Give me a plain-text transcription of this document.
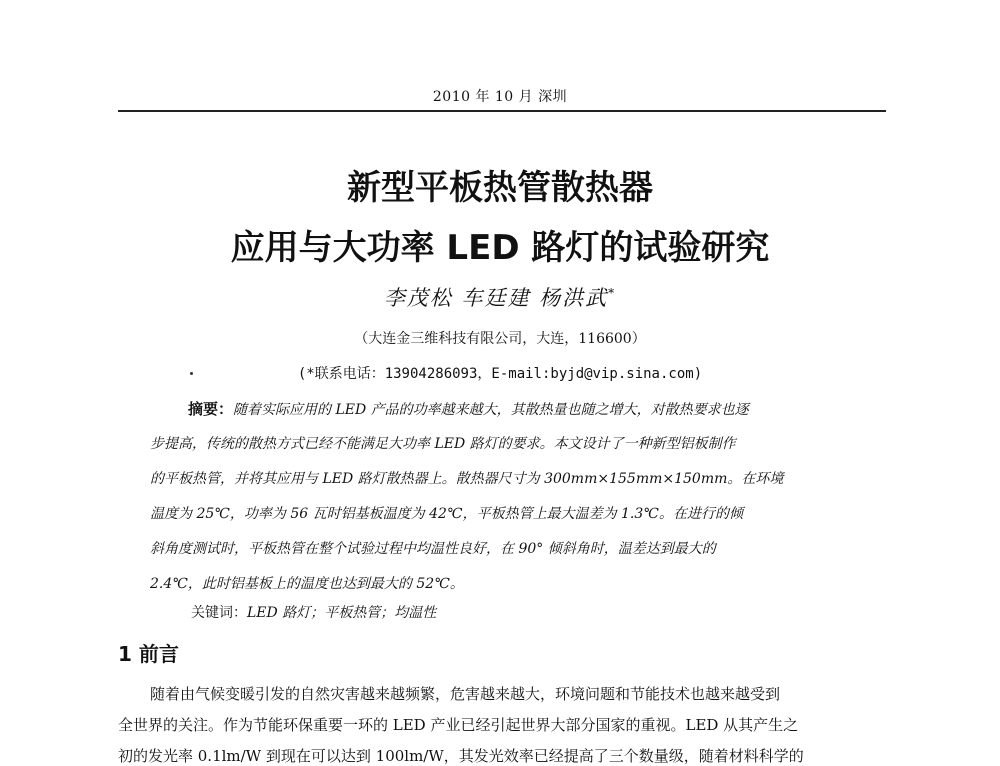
2010 年 10 月 深圳
新型平板热管散热器
应用与大功率 LED 路灯的试验研究
李茂松 车廷建 杨洪武*
（大连金三维科技有限公司，大连，116600）
(*联系电话：13904286093，E-mail:byjd@vip.sina.com)
摘要：随着实际应用的 LED 产品的功率越来越大，其散热量也随之增大，对散热要求也逐
步提高，传统的散热方式已经不能满足大功率 LED 路灯的要求。本文设计了一种新型铝板制作
的平板热管，并将其应用与 LED 路灯散热器上。散热器尺寸为 300mm×155mm×150mm。在环境
温度为 25℃，功率为 56 瓦时铝基板温度为 42℃，平板热管上最大温差为 1.3℃。在进行的倾
斜角度测试时，平板热管在整个试验过程中均温性良好，在 90° 倾斜角时，温差达到最大的
2.4℃，此时铝基板上的温度也达到最大的 52℃。
关键词：LED 路灯；平板热管；均温性
1 前言
随着由气候变暖引发的自然灾害越来越频繁，危害越来越大，环境问题和节能技术也越来越受到
全世界的关注。作为节能环保重要一环的 LED 产业已经引起世界大部分国家的重视。LED 从其产生之
初的发光率 0.1lm/W 到现在可以达到 100lm/W，其发光效率已经提高了三个数量级，随着材料科学的
